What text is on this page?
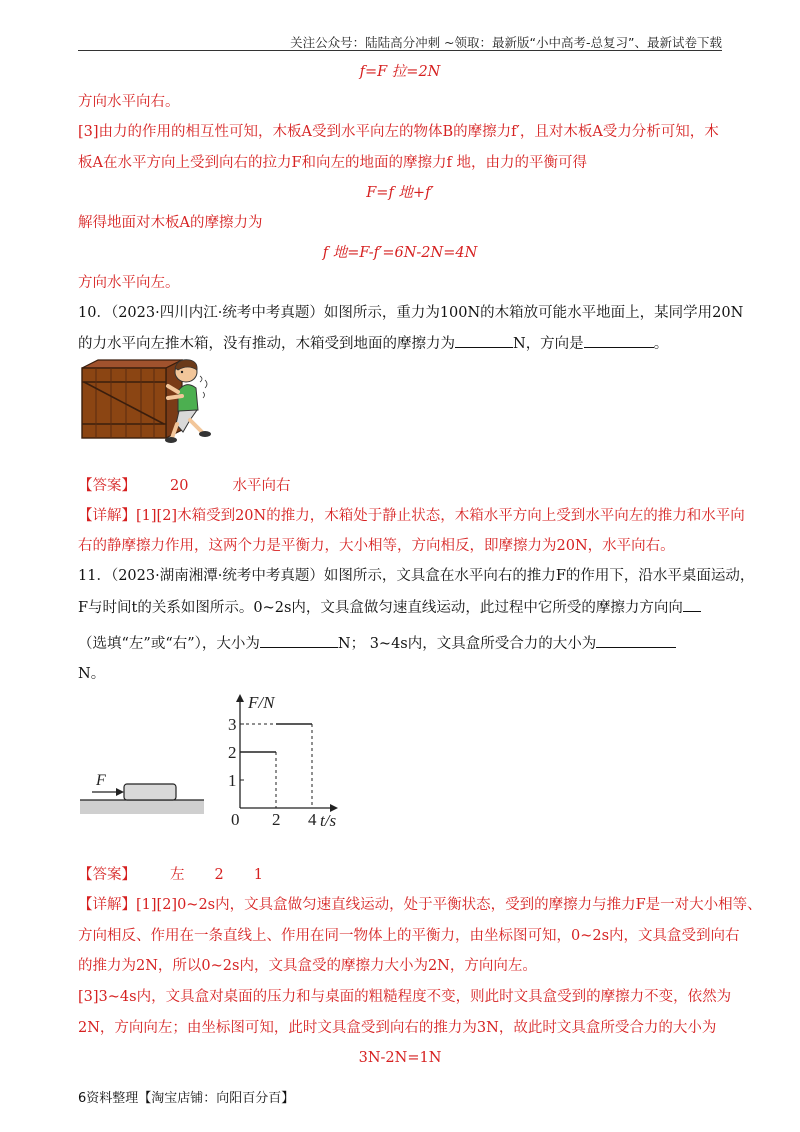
关注公众号：陆陆高分冲刺 ~领取：最新版“小中高考-总复习”、最新试卷下载
f=F 拉=2N
方向水平向右。
[3]由力的作用的相互性可知，木板A受到水平向左的物体B的摩擦力f′，且对木板A受力分析可知，木
板A在水平方向上受到向右的拉力F和向左的地面的摩擦力f 地，由力的平衡可得
F=f 地+f′
解得地面对木板A的摩擦力为
f 地=F-f′=6N-2N=4N
方向水平向左。
10．（2023·四川内江·统考中考真题）如图所示，重力为100N的木箱放可能水平地面上，某同学用20N
的力水平向左推木箱，没有推动，木箱受到地面的摩擦力为	N，方向是	。
【答案】 20	水平向右
【详解】[1][2]木箱受到20N的推力，木箱处于静止状态，木箱水平方向上受到水平向左的推力和水平向
右的静摩擦力作用，这两个力是平衡力，大小相等，方向相反，即摩擦力为20N，水平向右。
11．（2023·湖南湘潭·统考中考真题）如图所示，文具盒在水平向右的推力F的作用下，沿水平桌面运动，
F与时间t的关系如图所示。0~2s内，文具盒做匀速直线运动，此过程中它所受的摩擦力方向向
（选填“左”或“右”），大小为	N； 3~4s内，文具盒所受合力的大小为
N。
F
F/N
t/s
0
1
2
3
2 4
【答案】 左 2 1
【详解】[1][2]0~2s内，文具盒做匀速直线运动，处于平衡状态，受到的摩擦力与推力F是一对大小相等、
方向相反、作用在一条直线上、作用在同一物体上的平衡力，由坐标图可知，0~2s内，文具盒受到向右
的推力为2N，所以0~2s内，文具盒受的摩擦力大小为2N，方向向左。
[3]3~4s内，文具盒对桌面的压力和与桌面的粗糙程度不变，则此时文具盒受到的摩擦力不变，依然为
2N，方向向左；由坐标图可知，此时文具盒受到向右的推力为3N，故此时文具盒所受合力的大小为
3N-2N=1N
6资料整理【淘宝店铺：向阳百分百】
